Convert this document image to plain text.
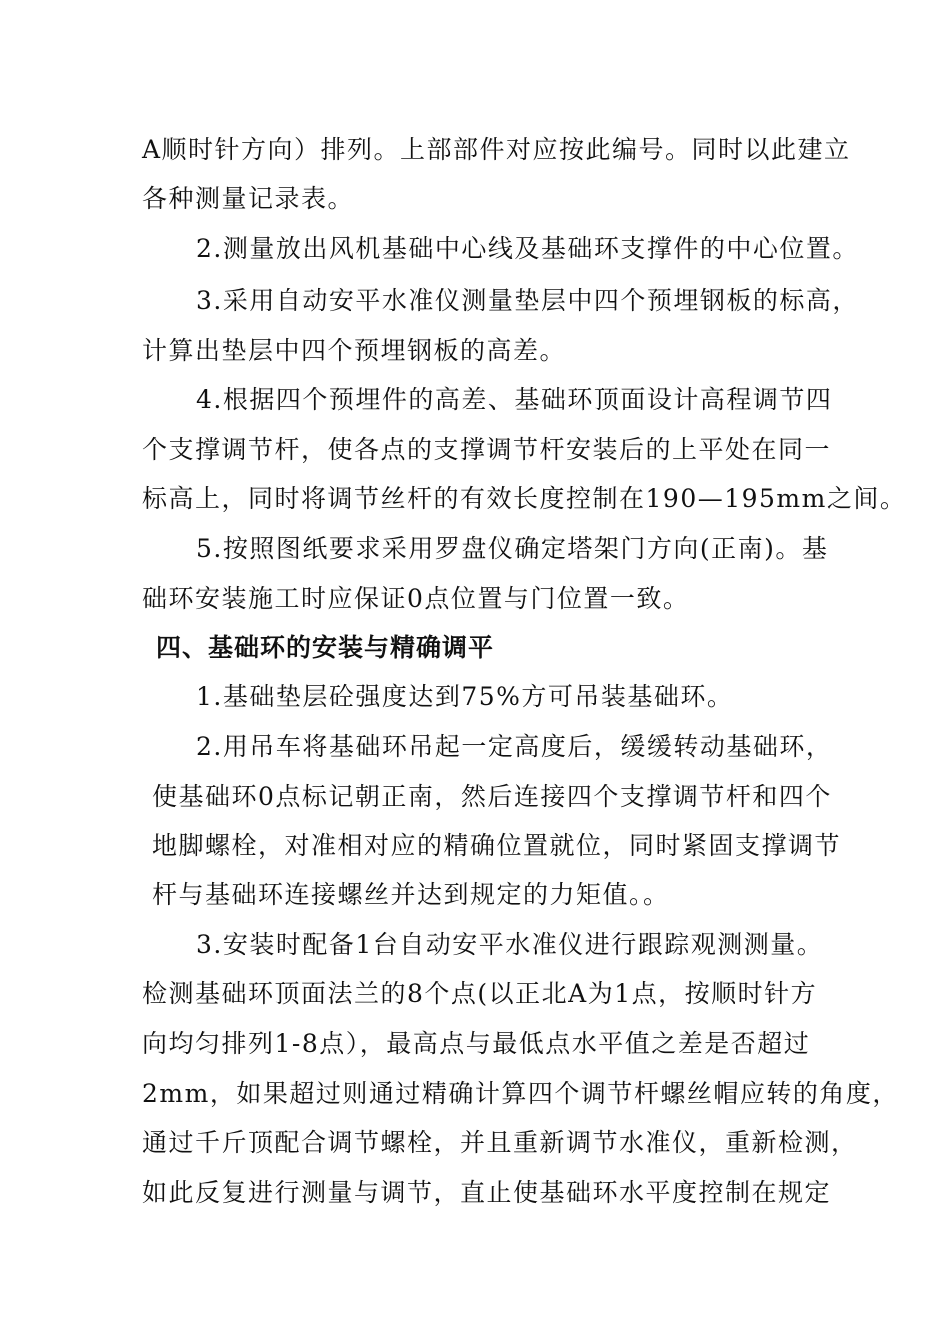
A顺时针方向）排列。上部部件对应按此编号。同时以此建立

各种测量记录表。

2.测量放出风机基础中心线及基础环支撑件的中心位置。

3.采用自动安平水准仪测量垫层中四个预埋钢板的标高，

计算出垫层中四个预埋钢板的高差。

4.根据四个预埋件的高差、基础环顶面设计高程调节四

个支撑调节杆，使各点的支撑调节杆安装后的上平处在同一

标高上，同时将调节丝杆的有效长度控制在190—195mm之间。

5.按照图纸要求采用罗盘仪确定塔架门方向(正南)。基

础环安装施工时应保证0点位置与门位置一致。

四、基础环的安装与精确调平

1.基础垫层砼强度达到75%方可吊装基础环。

2.用吊车将基础环吊起一定高度后，缓缓转动基础环，

使基础环0点标记朝正南，然后连接四个支撑调节杆和四个

地脚螺栓，对准相对应的精确位置就位，同时紧固支撑调节

杆与基础环连接螺丝并达到规定的力矩值。。

3.安装时配备1台自动安平水准仪进行跟踪观测测量。

检测基础环顶面法兰的8个点(以正北A为1点，按顺时针方

向均匀排列1-8点），最高点与最低点水平值之差是否超过

2mm，如果超过则通过精确计算四个调节杆螺丝帽应转的角度，

通过千斤顶配合调节螺栓，并且重新调节水准仪，重新检测，

如此反复进行测量与调节，直止使基础环水平度控制在规定
